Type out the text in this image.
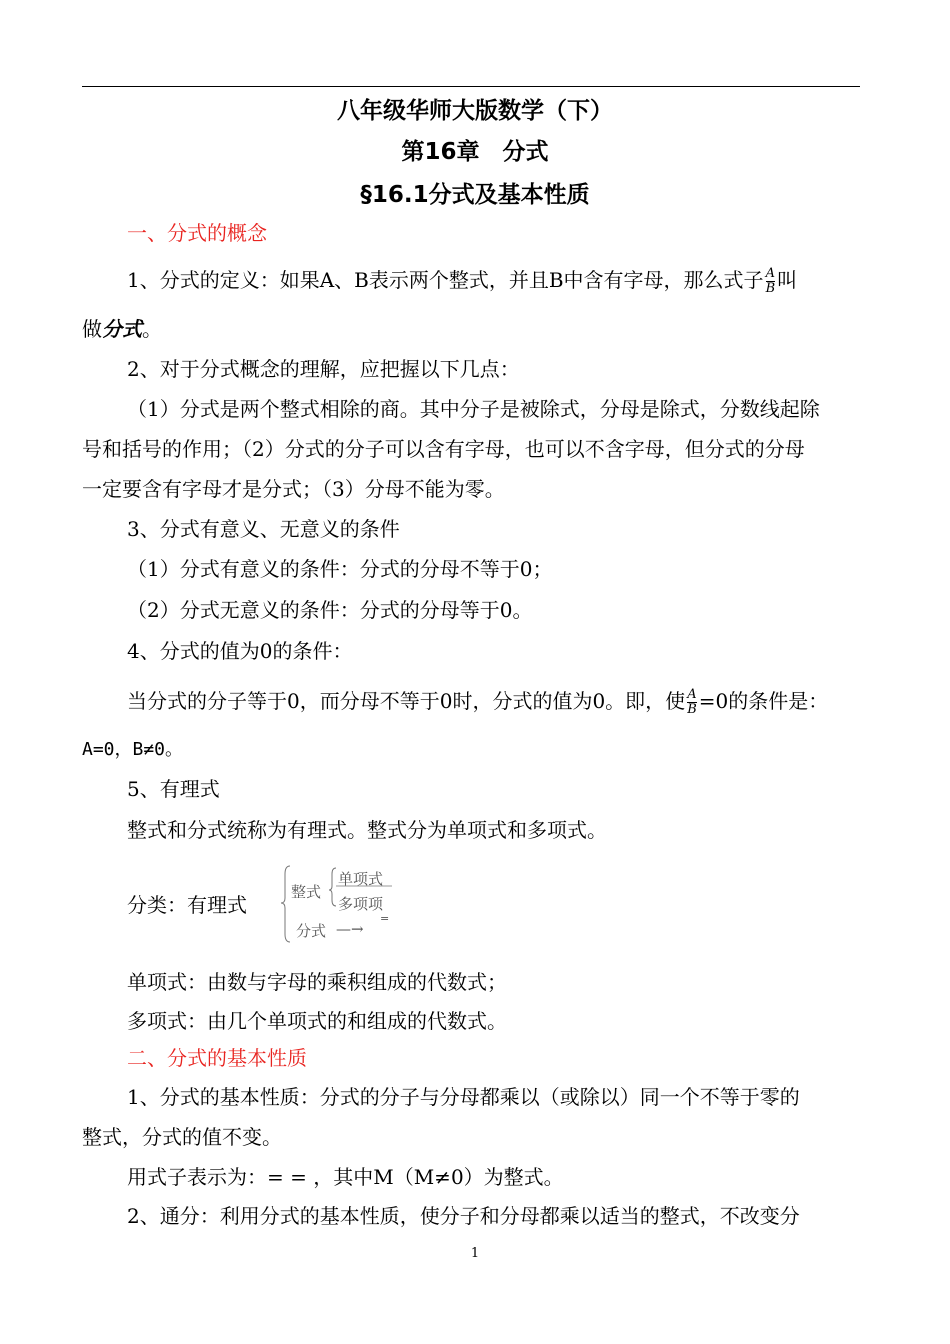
八年级华师大版数学（下）
第16章　分式
§16.1分式及基本性质
一、分式的概念
1、分式的定义：如果A、B表示两个整式，并且B中含有字母，那么式子 $\frac{A}{B}$ 叫
做分式。
2、对于分式概念的理解，应把握以下几点：
（1）分式是两个整式相除的商。其中分子是被除式，分母是除式，分数线起除
号和括号的作用；（2）分式的分子可以含有字母，也可以不含字母，但分式的分母
一定要含有字母才是分式；（3）分母不能为零。
3、分式有意义、无意义的条件
（1）分式有意义的条件：分式的分母不等于0；
（2）分式无意义的条件：分式的分母等于0。
4、分式的值为0的条件：
当分式的分子等于0，而分母不等于0时，分式的值为0。即，使 $\frac{A}{B} =0$的条件是：
A=0，B≠0。
5、有理式
整式和分式统称为有理式。整式分为单项式和多项式。
分类：有理式
整式
单项式
多项项
分式 —→
=
单项式：由数与字母的乘积组成的代数式；
多项式：由几个单项式的和组成的代数式。
二、分式的基本性质
1、分式的基本性质：分式的分子与分母都乘以（或除以）同一个不等于零的
整式，分式的值不变。
用式子表示为：= = ，其中M（M≠0）为整式。
2、通分：利用分式的基本性质，使分子和分母都乘以适当的整式，不改变分
1
